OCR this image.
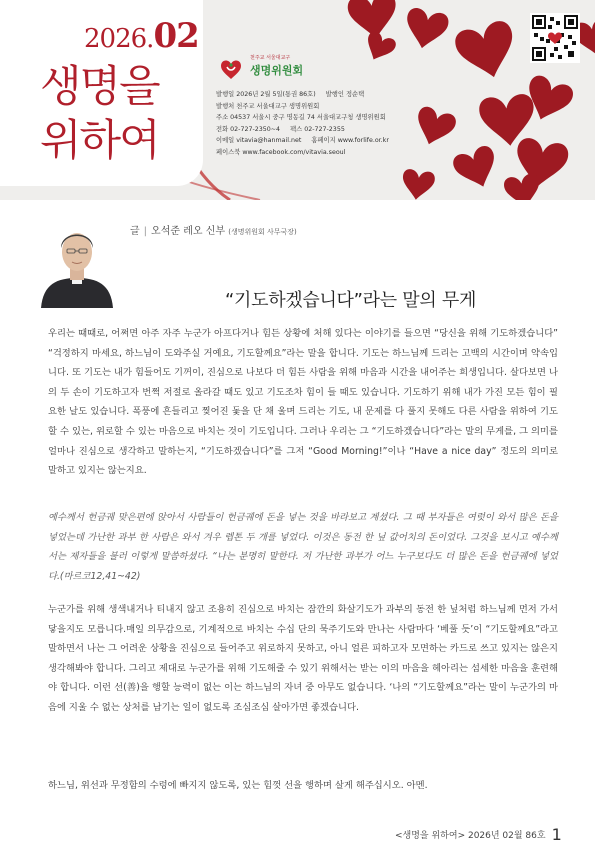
2026.02
생명을 위하여
천주교 서울대교구
생명위원회
발행일 2026년 2월 5일(통권 86호) 발행인 정순택
발행처 천주교 서울대교구 생명위원회
주소 04537 서울시 중구 명동길 74 서울대교구청 생명위원회
전화 02-727-2350~4 팩스 02-727-2355
이메일 vitavia@hanmail.net 홈페이지 www.forlife.or.kr
페이스북 www.facebook.com/vitavia.seoul
글 | 오석준 레오 신부 (생명위원회 사무국장)
“기도하겠습니다”라는 말의 무게

우리는 때때로, 어쩌면 아주 자주 누군가 아프다거나 힘든 상황에 처해 있다는 이야기를 들으면 “당신을 위해 기도하겠습니다” “걱정하지 마세요, 하느님이 도와주실 거예요, 기도할께요”라는 말을 합니다. 기도는 하느님께 드리는 고백의 시간이며 약속입니다. 또 기도는 내가 힘들어도 기꺼이, 진심으로 나보다 더 힘든 사람을 위해 마음과 시간을 내어주는 희생입니다. 살다보면 나의 두 손이 기도하고자 번쩍 저절로 올라갈 때도 있고 기도조차 힘이 들 때도 있습니다. 기도하기 위해 내가 가진 모든 힘이 필요한 날도 있습니다. 폭풍에 흔들리고 찢어진 돛을 단 채 울며 드리는 기도, 내 문제를 다 풀지 못해도 다른 사람을 위하여 기도할 수 있는, 위로할 수 있는 마음으로 바치는 것이 기도입니다. 그러나 우리는 그 “기도하겠습니다”라는 말의 무게를, 그 의미를 얼마나 진심으로 생각하고 말하는지, “기도하겠습니다”를 그저 “Good Morning!”이나 “Have a nice day” 정도의 의미로 말하고 있지는 않는지요.

예수께서 헌금궤 맞은편에 앉아서 사람들이 헌금궤에 돈을 넣는 것을 바라보고 계셨다. 그 때 부자들은 여럿이 와서 많은 돈을 넣었는데 가난한 과부 한 사람은 와서 겨우 렙톤 두 개를 넣었다. 이것은 동전 한 닢 값어치의 돈이었다. 그것을 보시고 예수께서는 제자들을 불러 이렇게 말씀하셨다. “나는 분명히 말한다. 저 가난한 과부가 어느 누구보다도 더 많은 돈을 헌금궤에 넣었다.(마르코12,41~42)

누군가를 위해 생색내거나 티내지 않고 조용히 진심으로 바치는 잠깐의 화살기도가 과부의 동전 한 닢처럼 하느님께 먼저 가서 닿을지도 모릅니다.매일 의무감으로, 기계적으로 바치는 수십 단의 묵주기도와 만나는 사람마다 ‘베풀 듯’이 “기도할께요”라고 말하면서 나는 그 어려운 상황을 진심으로 들어주고 위로하지 못하고, 아니 얼른 피하고자 모면하는 카드로 쓰고 있지는 않은지 생각해봐야 합니다. 그리고 제대로 누군가를 위해 기도해줄 수 있기 위해서는 받는 이의 마음을 헤아리는 섬세한 마음을 훈련해야 합니다. 이런 선(善)을 행할 능력이 없는 이는 하느님의 자녀 중 아무도 없습니다. ‘나의 “기도할께요”라는 말이 누군가의 마음에 지울 수 없는 상처를 남기는 일이 없도록 조심조심 살아가면 좋겠습니다.

하느님, 위선과 무정함의 수렁에 빠지지 않도록, 있는 힘껏 선을 행하며 살게 해주십시오. 아멘.

<생명을 위하여> 2026년 02월 86호 1
